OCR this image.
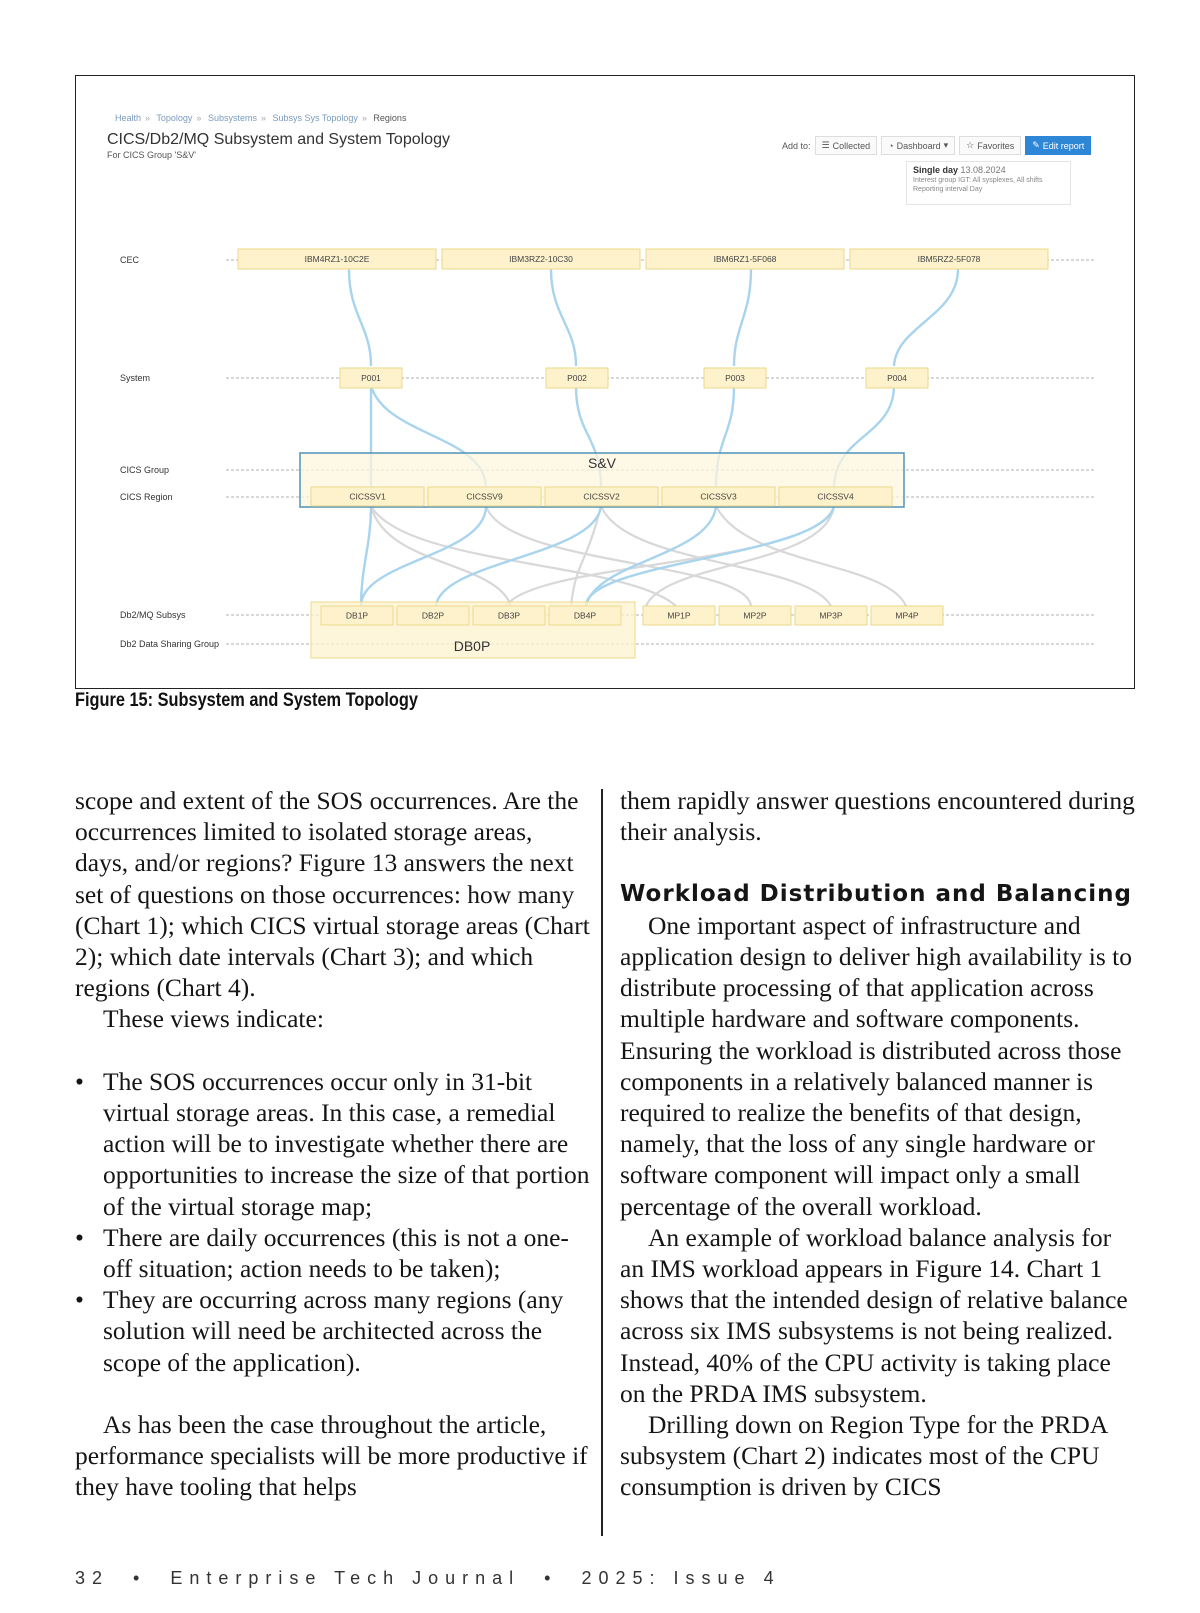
Health » Topology » Subsystems » Subsys Sys Topology » Regions
CICS/Db2/MQ Subsystem and System Topology
For CICS Group 'S&V'
Add to: ☰ Collected ◔ Dashboard ▾ ☆ Favorites ✎ Edit report
Single day 13.08.2024
Interest group IGT: All sysplexes, All shifts
Reporting interval Day
CEC
System
CICS Group
CICS Region
Db2/MQ Subsys
Db2 Data Sharing Group
IBM4RZ1-10C2E	IBM3RZ2-10C30	IBM6RZ1-5F068	IBM5RZ2-5F078
P001	P002	P003	P004
S&V
CICSSV1	CICSSV9	CICSSV2	CICSSV3	CICSSV4
DB0P
DB1P	DB2P	DB3P	DB4P	MP1P	MP2P	MP3P	MP4P
Figure 15: Subsystem and System Topology

scope and extent of the SOS occurrences. Are the occurrences limited to isolated storage areas, days, and/or regions? Figure 13 answers the next set of questions on those occurrences: how many (Chart 1); which CICS virtual storage areas (Chart 2); which date intervals (Chart 3); and which regions (Chart 4).

These views indicate:

• The SOS occurrences occur only in 31-bit virtual storage areas. In this case, a remedial action will be to investigate whether there are opportunities to increase the size of that portion of the virtual storage map;
• There are daily occurrences (this is not a one-off situation; action needs to be taken);
• They are occurring across many regions (any solution will need be architected across the scope of the application).

As has been the case throughout the article, performance specialists will be more productive if they have tooling that helps

them rapidly answer questions encountered during their analysis.

Workload Distribution and Balancing

One important aspect of infrastructure and application design to deliver high availability is to distribute processing of that application across multiple hardware and software components. Ensuring the workload is distributed across those components in a relatively balanced manner is required to realize the benefits of that design, namely, that the loss of any single hardware or software component will impact only a small percentage of the overall workload.

An example of workload balance analysis for an IMS workload appears in Figure 14. Chart 1 shows that the intended design of relative balance across six IMS subsystems is not being realized. Instead, 40% of the CPU activity is taking place on the PRDA IMS subsystem.

Drilling down on Region Type for the PRDA subsystem (Chart 2) indicates most of the CPU consumption is driven by CICS

32  •  Enterprise Tech Journal  •  2025: Issue 4
